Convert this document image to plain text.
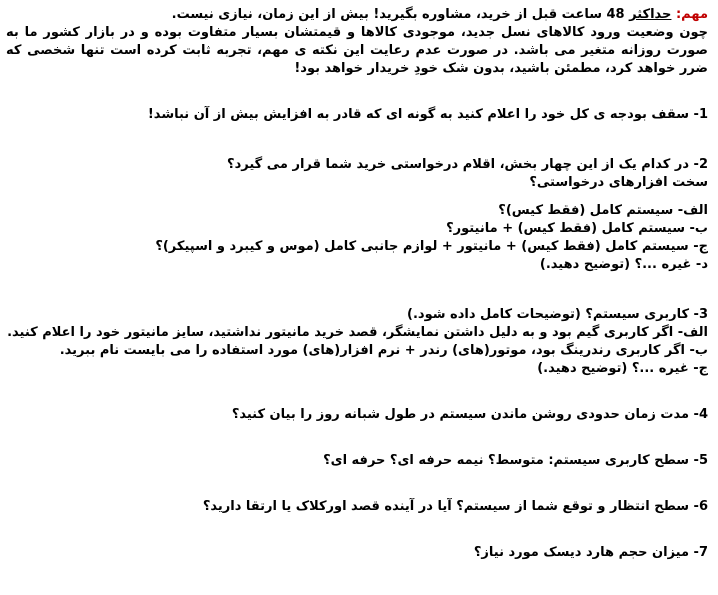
مهم: حداکثر 48 ساعت قبل از خرید، مشاوره بگیرید! بیش از این زمان، نیازی نیست.
چون وضعیت ورود کالاهای نسل جدید، موجودی کالاها و قیمتشان بسیار متفاوت بوده و در بازار کشور ما به
صورت روزانه متغیر می باشد. در صورت عدم رعایت این نکته ی مهم، تجربه ثابت کرده است تنها شخصی که
ضرر خواهد کرد، مطمئن باشید، بدون شک خودِ خریدار خواهد بود!
1- سقف بودجه ی کل خود را اعلام کنید به گونه ای که قادر به افزایش بیش از آن نباشد!
2- در کدام یک از این چهار بخش، اقلام درخواستی خرید شما قرار می گیرد؟
سخت افزارهای درخواستی؟
الف- سیستم کامل (فقط کیس)؟
ب- سیستم کامل (فقط کیس) + مانیتور؟
ج- سیستم کامل (فقط کیس) + مانیتور + لوازم جانبی کامل (موس و کیبرد و اسپیکر)؟
د- غیره ...؟ (توضیح دهید.)
3- کاربری سیستم؟ (توضیحات کامل داده شود.)
الف- اگر کاربری گیم بود و به دلیل داشتن نمایشگر، قصد خرید مانیتور نداشتید، سایز مانیتور خود را اعلام کنید.
ب- اگر کاربری رندرینگ بود، موتور(های) رندر + نرم افزار(های) مورد استفاده را می بایست نام ببرید.
ج- غیره ...؟ (توضیح دهید.)
4- مدت زمان حدودی روشن ماندن سیستم در طول شبانه روز را بیان کنید؟
5- سطح کاربری سیستم: متوسط؟ نیمه حرفه ای؟ حرفه ای؟
6- سطح انتظار و توقع شما از سیستم؟ آیا در آینده قصد اورکلاک یا ارتقا دارید؟
7- میزان حجم هارد دیسک مورد نیاز؟
